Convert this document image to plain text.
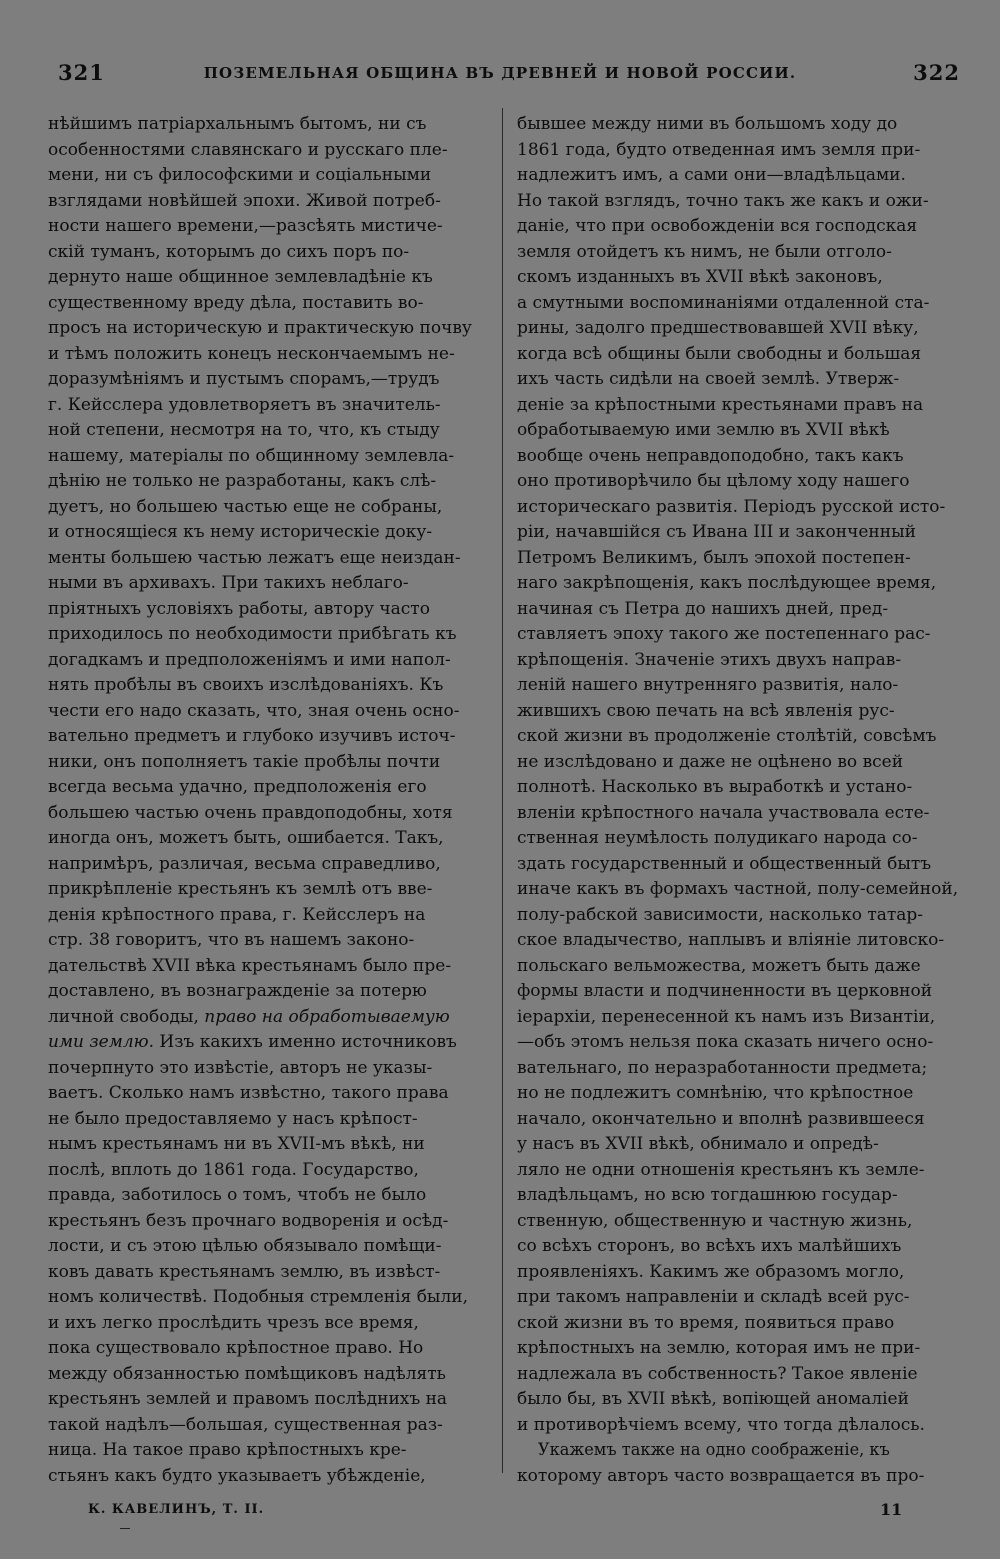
321	ПОЗЕМЕЛЬНАЯ ОБЩИНА ВЪ ДРЕВНЕЙ И НОВОЙ РОССИИ.	322
нѣйшимъ патріархальнымъ бытомъ, ни съ
особенностями славянскаго и русскаго пле-
мени, ни съ философскими и соціальными
взглядами новѣйшей эпохи. Живой потреб-
ности нашего времени,—разсѣять мистиче-
скій туманъ, которымъ до сихъ поръ по-
дернуто наше общинное землевладѣніе къ
существенному вреду дѣла, поставить во-
просъ на историческую и практическую почву
и тѣмъ положить конецъ нескончаемымъ не-
доразумѣніямъ и пустымъ спорамъ,—трудъ
г. Кейсслера удовлетворяетъ въ значитель-
ной степени, несмотря на то, что, къ стыду
нашему, матеріалы по общинному землевла-
дѣнію не только не разработаны, какъ слѣ-
дуетъ, но большею частью еще не собраны,
и относящіеся къ нему историческіе доку-
менты большею частью лежатъ еще неиздан-
ными въ архивахъ. При такихъ неблаго-
пріятныхъ условіяхъ работы, автору часто
приходилось по необходимости прибѣгать къ
догадкамъ и предположеніямъ и ими напол-
нять пробѣлы въ своихъ изслѣдованіяхъ. Къ
чести его надо сказать, что, зная очень осно-
вательно предметъ и глубоко изучивъ источ-
ники, онъ пополняетъ такіе пробѣлы почти
всегда весьма удачно, предположенія его
большею частью очень правдоподобны, хотя
иногда онъ, можетъ быть, ошибается. Такъ,
напримѣръ, различая, весьма справедливо,
прикрѣпленіе крестьянъ къ землѣ отъ вве-
денія крѣпостного права, г. Кейсслеръ на
стр. 38 говоритъ, что въ нашемъ законо-
дательствѣ XVII вѣка крестьянамъ было пре-
доставлено, въ вознагражденіе за потерю
личной свободы, право на обработываемую
ими землю. Изъ какихъ именно источниковъ
почерпнуто это извѣстіе, авторъ не указы-
ваетъ. Сколько намъ извѣстно, такого права
не было предоставляемо у насъ крѣпост-
нымъ крестьянамъ ни въ XVII-мъ вѣкѣ, ни
послѣ, вплоть до 1861 года. Государство,
правда, заботилось о томъ, чтобъ не было
крестьянъ безъ прочнаго водворенія и осѣд-
лости, и съ этою цѣлью обязывало помѣщи-
ковъ давать крестьянамъ землю, въ извѣст-
номъ количествѣ. Подобныя стремленія были,
и ихъ легко прослѣдить чрезъ все время,
пока существовало крѣпостное право. Но
между обязанностью помѣщиковъ надѣлять
крестьянъ землей и правомъ послѣднихъ на
такой надѣлъ—большая, существенная раз-
ница. На такое право крѣпостныхъ кре-
стьянъ какъ будто указываетъ убѣжденіе,
бывшее между ними въ большомъ ходу до
1861 года, будто отведенная имъ земля при-
надлежитъ имъ, а сами они—владѣльцами.
Но такой взглядъ, точно такъ же какъ и ожи-
даніе, что при освобожденіи вся господская
земля отойдетъ къ нимъ, не были отголо-
скомъ изданныхъ въ XVII вѣкѣ законовъ,
а смутными воспоминаніями отдаленной ста-
рины, задолго предшествовавшей XVII вѣку,
когда всѣ общины были свободны и большая
ихъ часть сидѣли на своей землѣ. Утверж-
деніе за крѣпостными крестьянами правъ на
обработываемую ими землю въ XVII вѣкѣ
вообще очень неправдоподобно, такъ какъ
оно противорѣчило бы цѣлому ходу нашего
историческаго развитія. Періодъ русской исто-
ріи, начавшійся съ Ивана III и законченный
Петромъ Великимъ, былъ эпохой постепен-
наго закрѣпощенія, какъ послѣдующее время,
начиная съ Петра до нашихъ дней, пред-
ставляетъ эпоху такого же постепеннаго рас-
крѣпощенія. Значеніе этихъ двухъ направ-
леній нашего внутренняго развитія, нало-
жившихъ свою печать на всѣ явленія рус-
ской жизни въ продолженіе столѣтій, совсѣмъ
не изслѣдовано и даже не оцѣнено во всей
полнотѣ. Насколько въ выработкѣ и устано-
вленіи крѣпостного начала участвовала есте-
ственная неумѣлость полудикаго народа со-
здать государственный и общественный бытъ
иначе какъ въ формахъ частной, полу-семейной,
полу-рабской зависимости, насколько татар-
ское владычество, наплывъ и вліяніе литовско-
польскаго вельможества, можетъ быть даже
формы власти и подчиненности въ церковной
іерархіи, перенесенной къ намъ изъ Византіи,
—объ этомъ нельзя пока сказать ничего осно-
вательнаго, по неразработанности предмета;
но не подлежитъ сомнѣнію, что крѣпостное
начало, окончательно и вполнѣ развившееся
у насъ въ XVII вѣкѣ, обнимало и опредѣ-
ляло не одни отношенія крестьянъ къ земле-
владѣльцамъ, но всю тогдашнюю государ-
ственную, общественную и частную жизнь,
со всѣхъ сторонъ, во всѣхъ ихъ малѣйшихъ
проявленіяхъ. Какимъ же образомъ могло,
при такомъ направленіи и складѣ всей рус-
ской жизни въ то время, появиться право
крѣпостныхъ на землю, которая имъ не при-
надлежала въ собственность? Такое явленіе
было бы, въ XVII вѣкѣ, вопіющей аномаліей
и противорѣчіемъ всему, что тогда дѣлалось.
Укажемъ также на одно соображеніе, къ
которому авторъ часто возвращается въ про-
К. КАВЕЛИНЪ, Т. II.	11
